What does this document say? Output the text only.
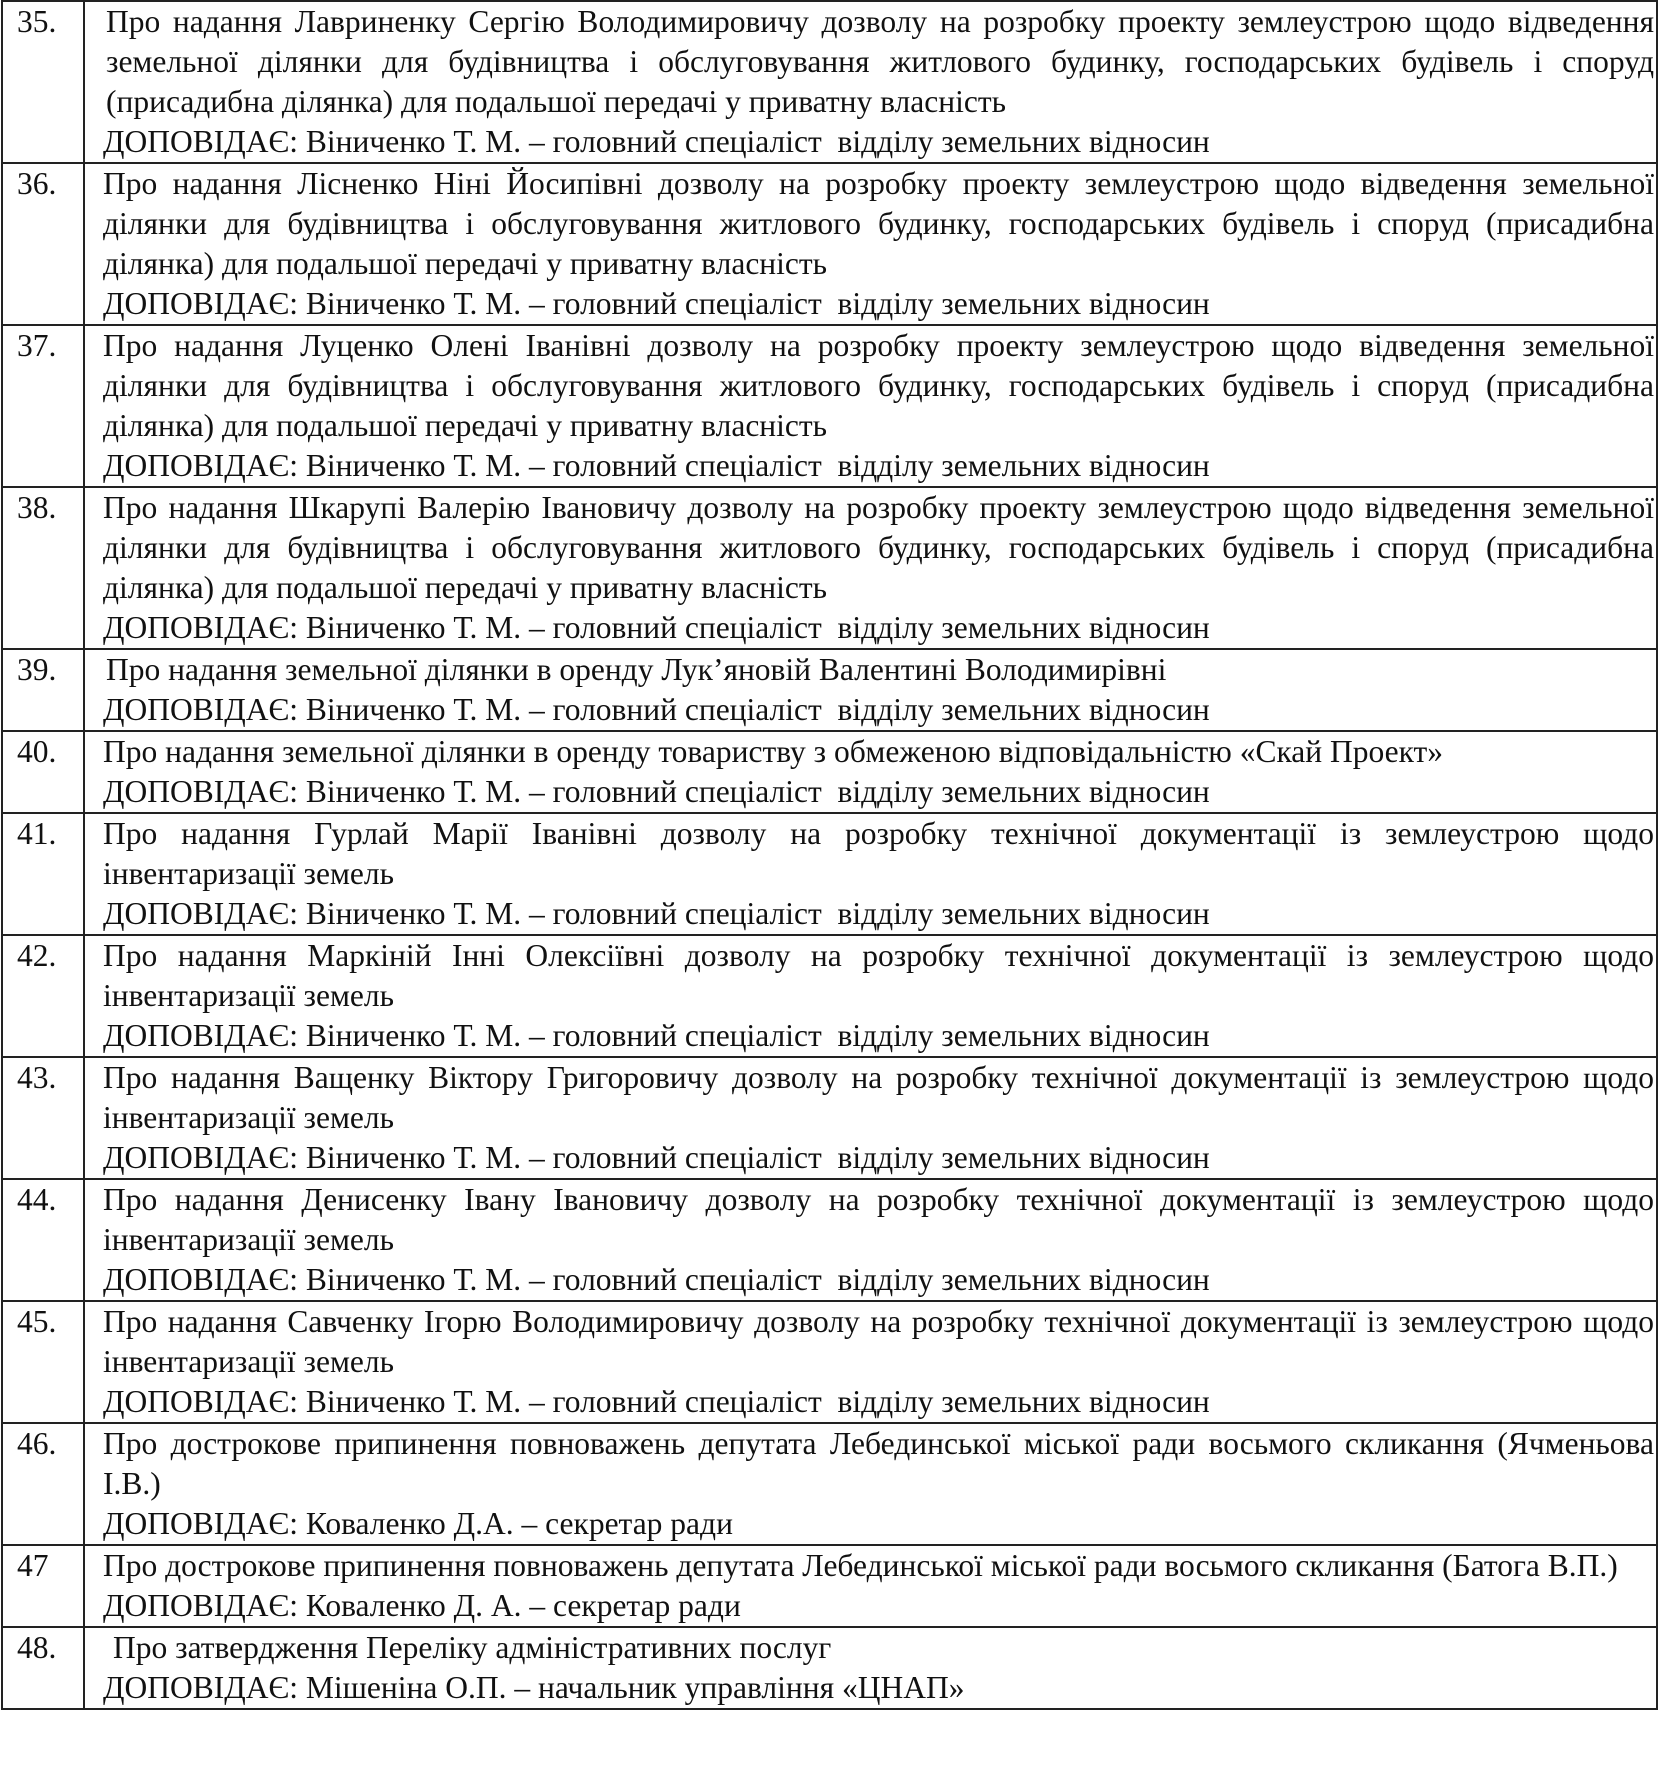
35.	Про надання Лавриненку Сергію Володимировичу дозволу на розробку проекту землеустрою щодо відведення земельної ділянки для будівництва і обслуговування житлового будинку, господарських будівель і споруд (присадибна ділянка) для подальшої передачі у приватну власність
ДОПОВІДАЄ: Віниченко Т. М. – головний спеціаліст  відділу земельних відносин

36.	Про надання Лісненко Ніні Йосипівні дозволу на розробку проекту землеустрою щодо відведення земельної ділянки для будівництва і обслуговування житлового будинку, господарських будівель і споруд (присадибна ділянка) для подальшої передачі у приватну власність
ДОПОВІДАЄ: Віниченко Т. М. – головний спеціаліст  відділу земельних відносин

37.	Про надання Луценко Олені Іванівні дозволу на розробку проекту землеустрою щодо відведення земельної ділянки для будівництва і обслуговування житлового будинку, господарських будівель і споруд (присадибна ділянка) для подальшої передачі у приватну власність
ДОПОВІДАЄ: Віниченко Т. М. – головний спеціаліст  відділу земельних відносин

38.	Про надання Шкарупі Валерію Івановичу дозволу на розробку проекту землеустрою щодо відведення земельної ділянки для будівництва і обслуговування житлового будинку, господарських будівель і споруд (присадибна ділянка) для подальшої передачі у приватну власність
ДОПОВІДАЄ: Віниченко Т. М. – головний спеціаліст  відділу земельних відносин

39.	Про надання земельної ділянки в оренду Лук’яновій Валентині Володимирівні
ДОПОВІДАЄ: Віниченко Т. М. – головний спеціаліст  відділу земельних відносин

40.	Про надання земельної ділянки в оренду товариству з обмеженою відповідальністю «Скай Проект»
ДОПОВІДАЄ: Віниченко Т. М. – головний спеціаліст  відділу земельних відносин

41.	Про надання Гурлай Марії Іванівні дозволу на розробку технічної документації із землеустрою щодо інвентаризації земель
ДОПОВІДАЄ: Віниченко Т. М. – головний спеціаліст  відділу земельних відносин

42.	Про надання Маркіній Інні Олексіївні дозволу на розробку технічної документації із землеустрою щодо інвентаризації земель
ДОПОВІДАЄ: Віниченко Т. М. – головний спеціаліст  відділу земельних відносин

43.	Про надання Ващенку Віктору Григоровичу дозволу на розробку технічної документації із землеустрою щодо інвентаризації земель
ДОПОВІДАЄ: Віниченко Т. М. – головний спеціаліст  відділу земельних відносин

44.	Про надання Денисенку Івану Івановичу дозволу на розробку технічної документації із землеустрою щодо інвентаризації земель
ДОПОВІДАЄ: Віниченко Т. М. – головний спеціаліст  відділу земельних відносин

45.	Про надання Савченку Ігорю Володимировичу дозволу на розробку технічної документації із землеустрою щодо інвентаризації земель
ДОПОВІДАЄ: Віниченко Т. М. – головний спеціаліст  відділу земельних відносин

46.	Про дострокове припинення повноважень депутата Лебединської міської ради восьмого скликання (Ячменьова І.В.)
ДОПОВІДАЄ: Коваленко Д.А. – секретар ради

47	Про дострокове припинення повноважень депутата Лебединської міської ради восьмого скликання (Батога В.П.)
ДОПОВІДАЄ: Коваленко Д. А. – секретар ради

48.	Про затвердження Переліку адміністративних послуг
ДОПОВІДАЄ: Мішеніна О.П. – начальник управління «ЦНАП»
